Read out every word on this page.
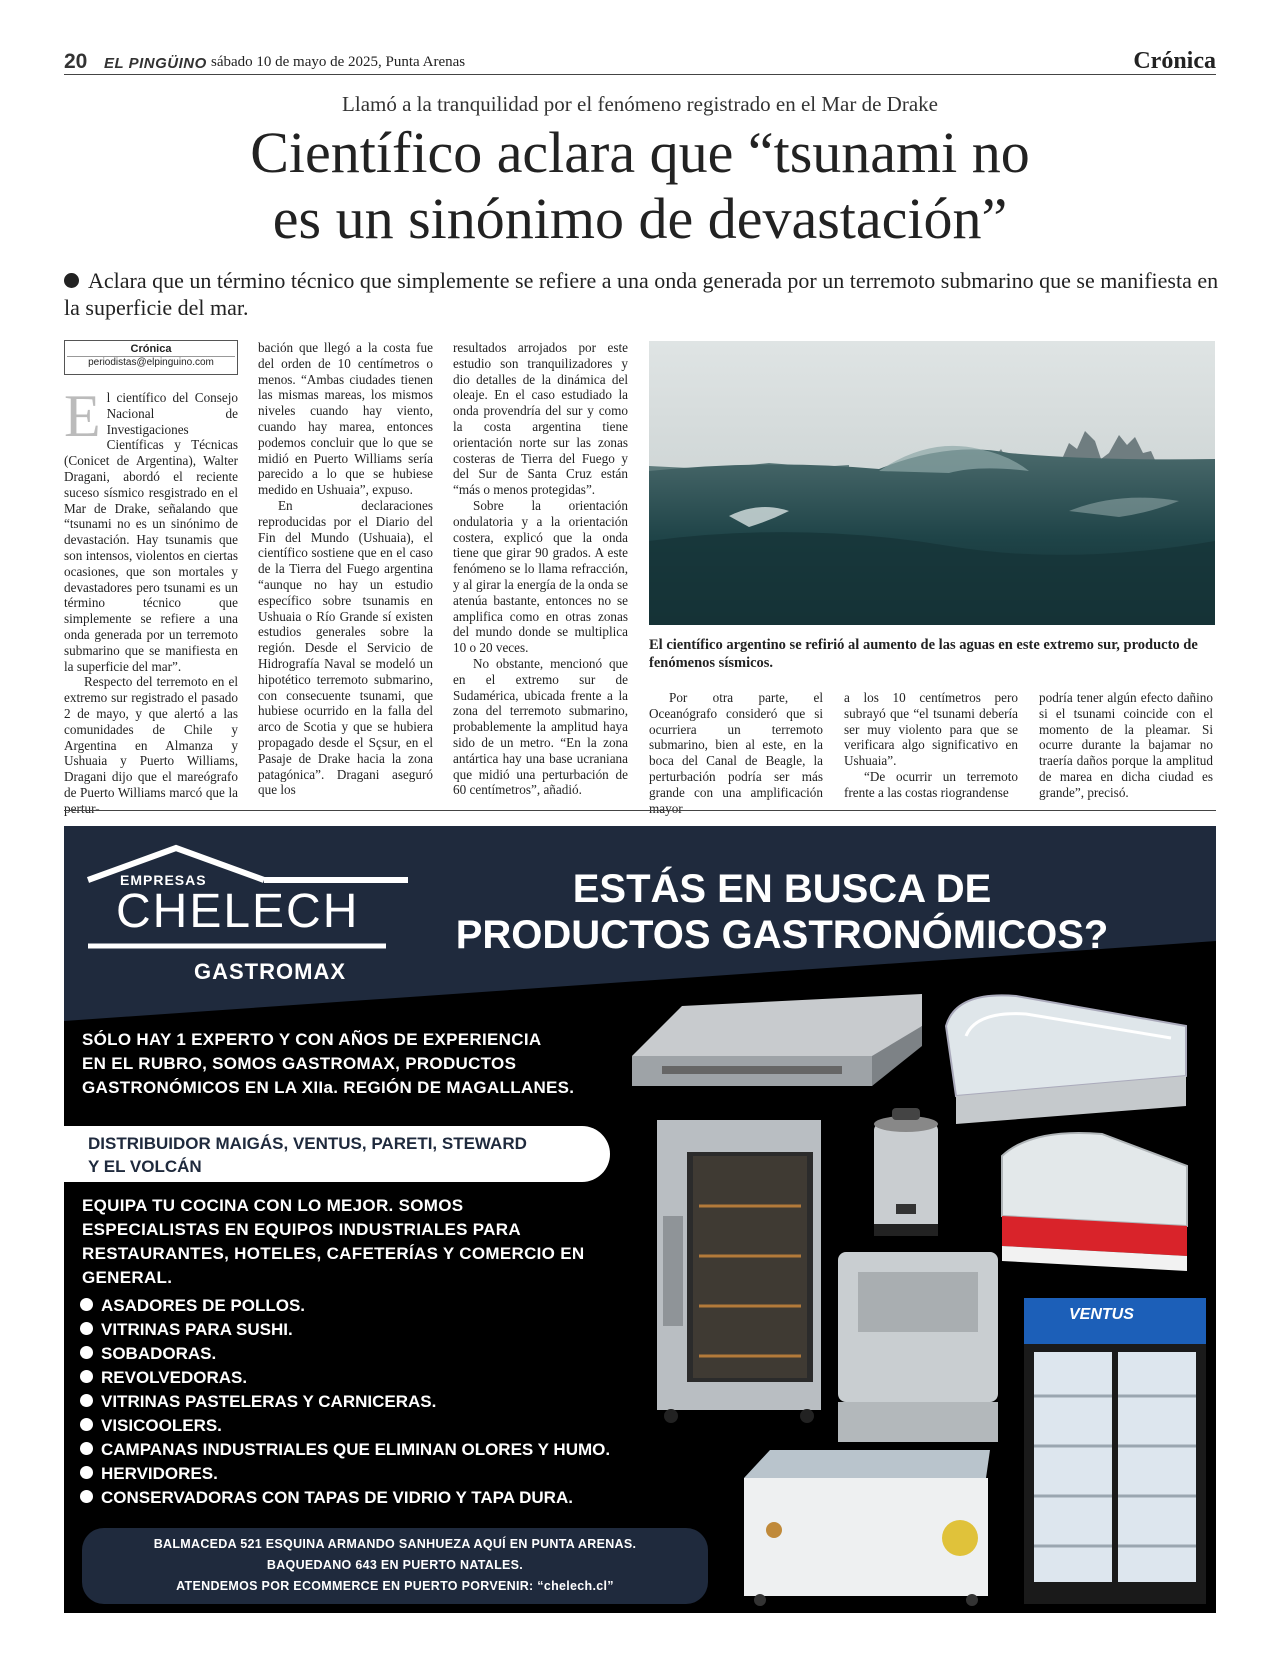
20 EL PINGÜINO sábado 10 de mayo de 2025, Punta Arenas	Crónica
Llamó a la tranquilidad por el fenómeno registrado en el Mar de Drake
Científico aclara que “tsunami no
es un sinónimo de devastación”
Aclara que un término técnico que simplemente se refiere a una onda generada por un terremoto submarino que se manifiesta en la superficie del mar.
Crónica
periodistas@elpinguino.com

El científico del Consejo Nacional de Investigaciones Científicas y Técnicas (Conicet de Argentina), Walter Dragani, abordó el reciente suceso sísmico resgistrado en el Mar de Drake, señalando que “tsunami no es un sinónimo de devastación. Hay tsunamis que son intensos, violentos en ciertas ocasiones, que son mortales y devastadores pero tsunami es un término técnico que simplemente se refiere a una onda generada por un terremoto submarino que se manifiesta en la superficie del mar”.

Respecto del terremoto en el extremo sur registrado el pasado 2 de mayo, y que alertó a las comunidades de Chile y Argentina en Almanza y Ushuaia y Puerto Williams, Dragani dijo que el mareógrafo de Puerto Williams marcó que la pertur-

bación que llegó a la costa fue del orden de 10 centímetros o menos. “Ambas ciudades tienen las mismas mareas, los mismos niveles cuando hay viento, cuando hay marea, entonces podemos concluir que lo que se midió en Puerto Williams sería parecido a lo que se hubiese medido en Ushuaia”, expuso.

En declaraciones reproducidas por el Diario del Fin del Mundo (Ushuaia), el científico sostiene que en el caso de la Tierra del Fuego argentina “aunque no hay un estudio específico sobre tsunamis en Ushuaia o Río Grande sí existen estudios generales sobre la región. Desde el Servicio de Hidrografía Naval se modeló un hipotético terremoto submarino, con consecuente tsunami, que hubiese ocurrido en la falla del arco de Scotia y que se hubiera propagado desde el Sçsur, en el Pasaje de Drake hacia la zona patagónica”. Dragani aseguró que los

resultados arrojados por este estudio son tranquilizadores y dio detalles de la dinámica del oleaje. En el caso estudiado la onda provendría del sur y como la costa argentina tiene orientación norte sur las zonas costeras de Tierra del Fuego y del Sur de Santa Cruz están “más o menos protegidas”.

Sobre la orientación ondulatoria y a la orientación costera, explicó que la onda tiene que girar 90 grados. A este fenómeno se lo llama refracción, y al girar la energía de la onda se atenúa bastante, entonces no se amplifica como en otras zonas del mundo donde se multiplica 10 o 20 veces.

No obstante, mencionó que en el extremo sur de Sudamérica, ubicada frente a la zona del terremoto submarino, probablemente la amplitud haya sido de un metro. “En la zona antártica hay una base ucraniana que midió una perturbación de 60 centímetros”, añadió.

El científico argentino se refirió al aumento de las aguas en este extremo sur, producto de fenómenos sísmicos.

Por otra parte, el Oceanógrafo consideró que si ocurriera un terremoto submarino, bien al este, en la boca del Canal de Beagle, la perturbación podría ser más grande con una amplificación mayor

a los 10 centímetros pero subrayó que “el tsunami debería ser muy violento para que se verificara algo significativo en Ushuaia”.

“De ocurrir un terremoto frente a las costas riograndense

podría tener algún efecto dañino si el tsunami coincide con el momento de la pleamar. Si ocurre durante la bajamar no traería daños porque la amplitud de marea en dicha ciudad es grande”, precisó.

EMPRESAS
CHELECH
GASTROMAX
ESTÁS EN BUSCA DE
PRODUCTOS GASTRONÓMICOS?
SÓLO HAY 1 EXPERTO Y CON AÑOS DE EXPERIENCIA
EN EL RUBRO, SOMOS GASTROMAX, PRODUCTOS
GASTRONÓMICOS EN LA XIIa. REGIÓN DE MAGALLANES.
DISTRIBUIDOR MAIGÁS, VENTUS, PARETI, STEWARD
Y EL VOLCÁN
EQUIPA TU COCINA CON LO MEJOR. SOMOS
ESPECIALISTAS EN EQUIPOS INDUSTRIALES PARA
RESTAURANTES, HOTELES, CAFETERÍAS Y COMERCIO EN
GENERAL.
ASADORES DE POLLOS.
VITRINAS PARA SUSHI.
SOBADORAS.
REVOLVEDORAS.
VITRINAS PASTELERAS Y CARNICERAS.
VISICOOLERS.
CAMPANAS INDUSTRIALES QUE ELIMINAN OLORES Y HUMO.
HERVIDORES.
CONSERVADORAS CON TAPAS DE VIDRIO Y TAPA DURA.
BALMACEDA 521 ESQUINA ARMANDO SANHUEZA AQUÍ EN PUNTA ARENAS.
BAQUEDANO 643 EN PUERTO NATALES.
ATENDEMOS POR ECOMMERCE EN PUERTO PORVENIR: “chelech.cl”
VENTUS
